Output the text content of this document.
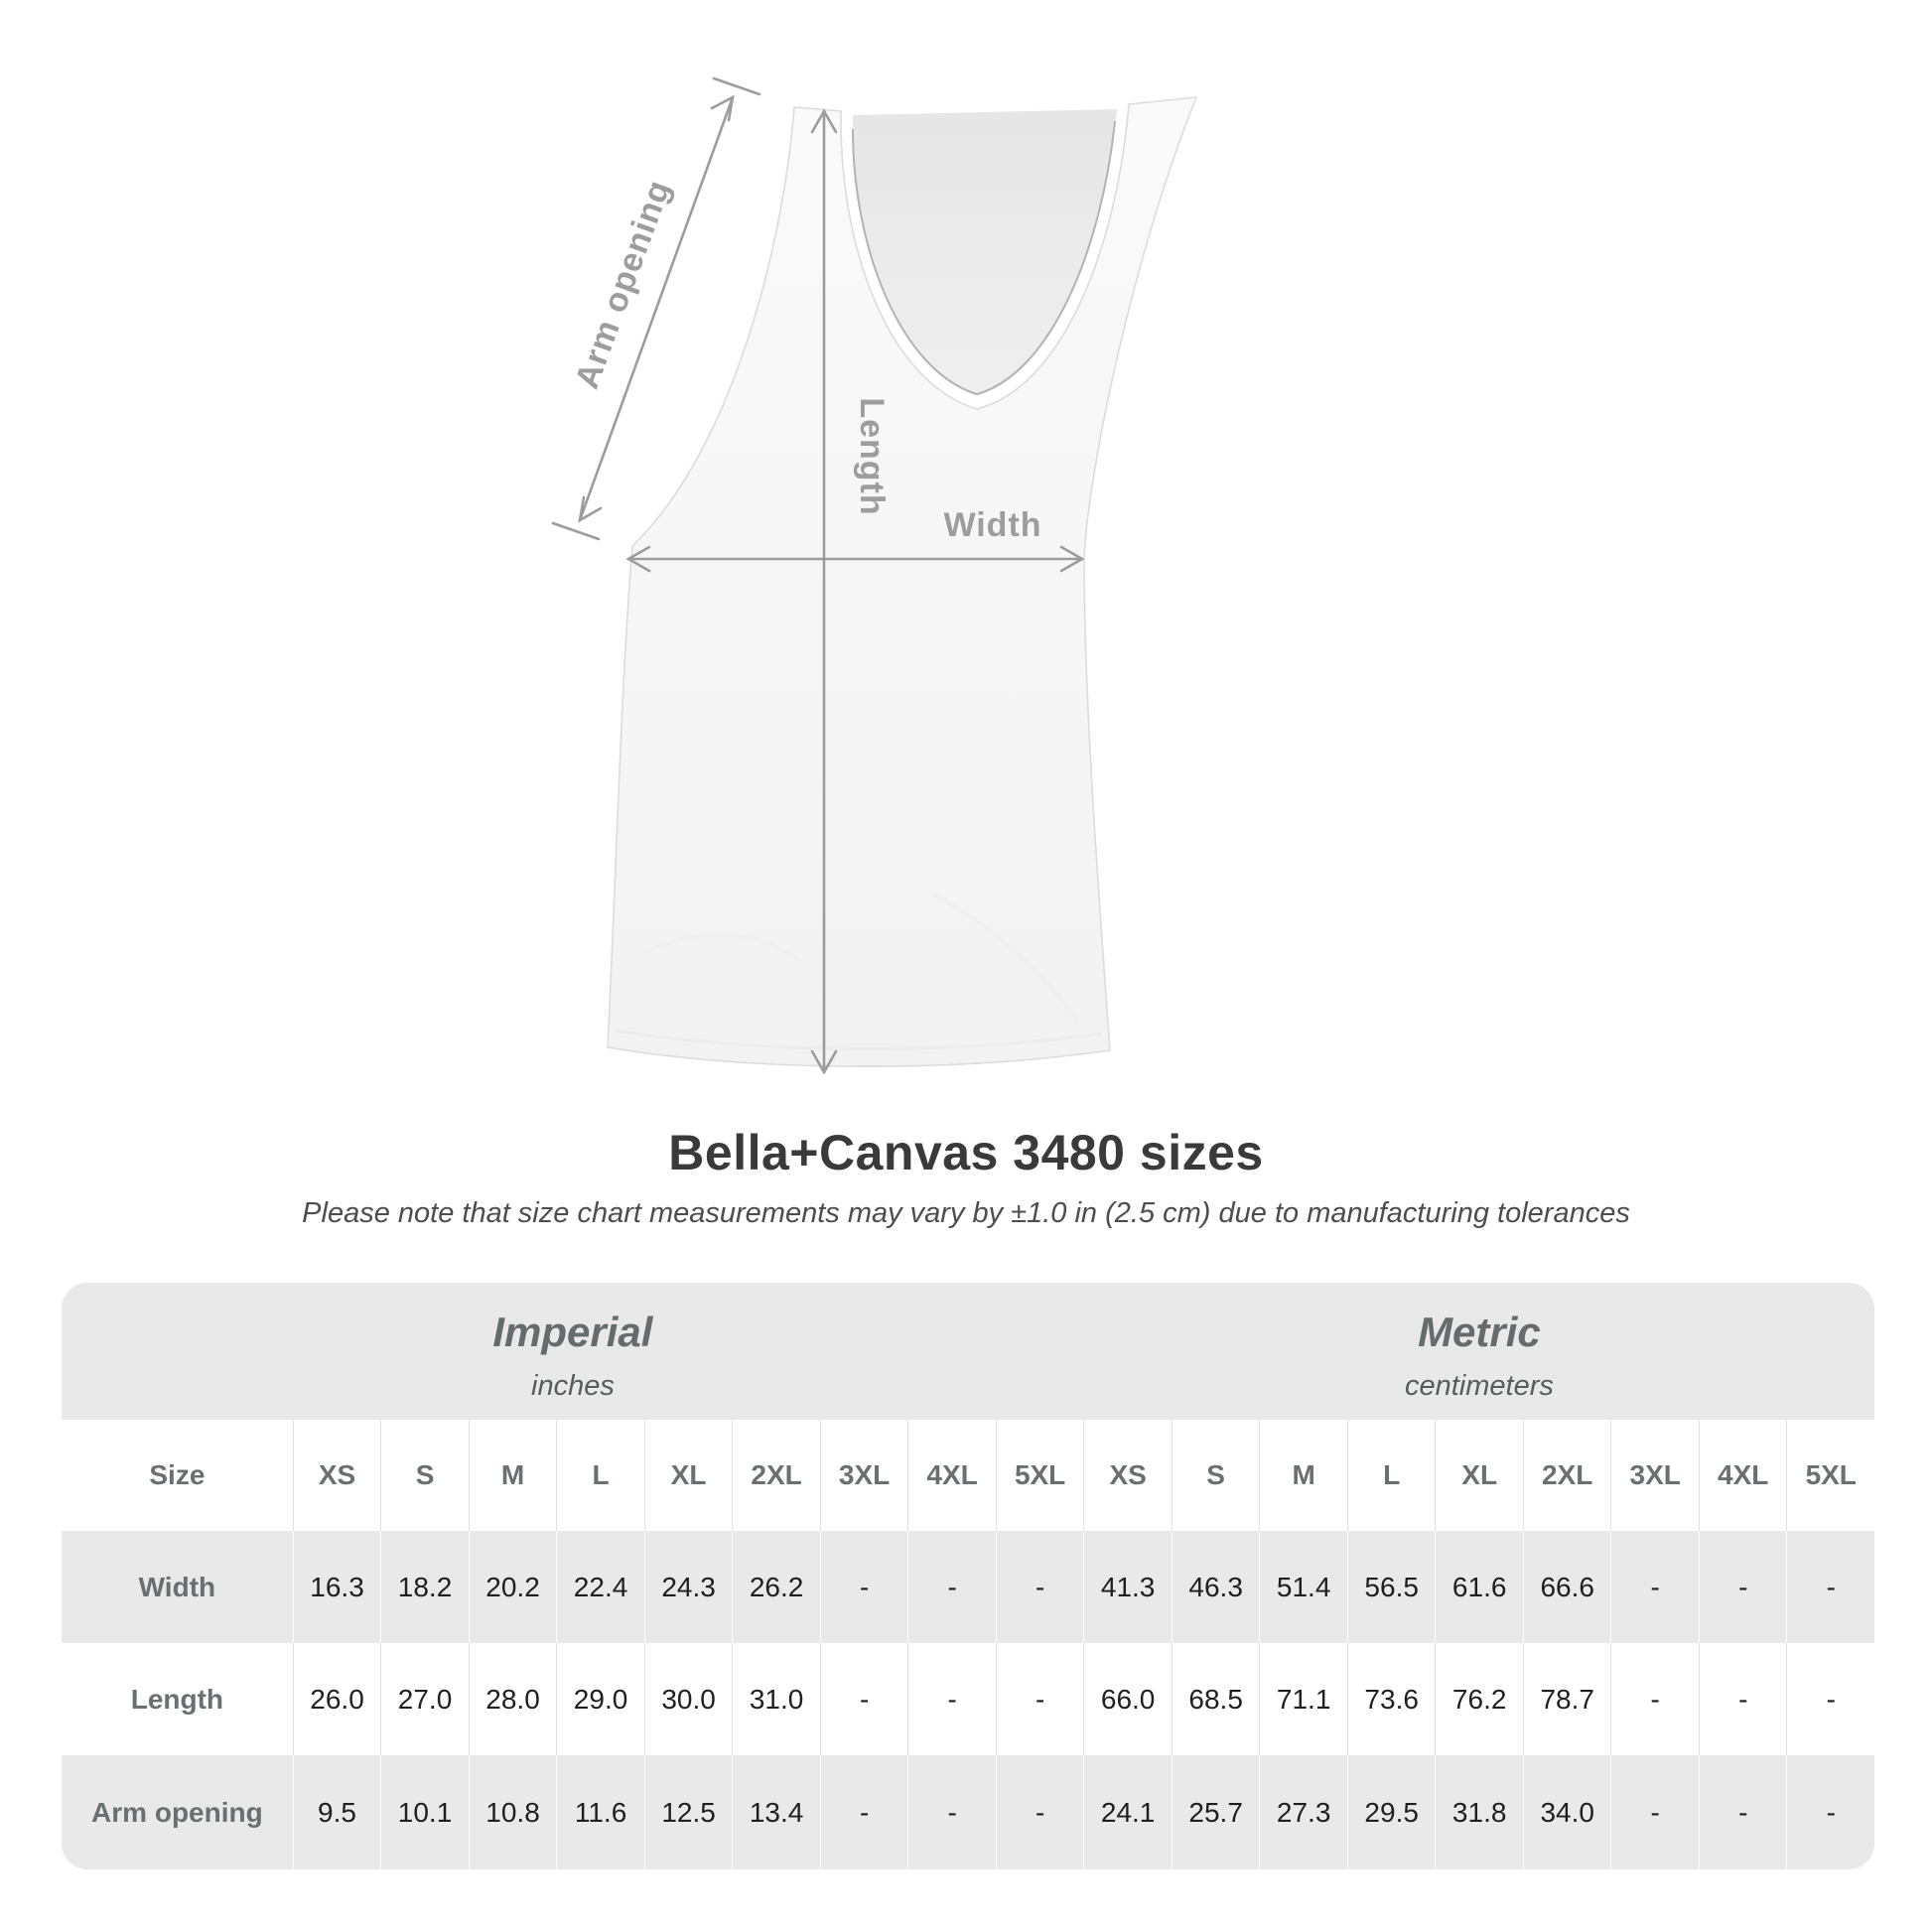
Arm opening
Length
Width
Bella+Canvas 3480 sizes
Please note that size chart measurements may vary by ±1.0 in (2.5 cm) due to manufacturing tolerances
Imperial
inches
Metric
centimeters
Size	XS	S	M	L	XL	2XL	3XL	4XL	5XL	XS	S	M	L	XL	2XL	3XL	4XL	5XL
Width	16.3	18.2	20.2	22.4	24.3	26.2	-	-	-	41.3	46.3	51.4	56.5	61.6	66.6	-	-	-
Length	26.0	27.0	28.0	29.0	30.0	31.0	-	-	-	66.0	68.5	71.1	73.6	76.2	78.7	-	-	-
Arm opening	9.5	10.1	10.8	11.6	12.5	13.4	-	-	-	24.1	25.7	27.3	29.5	31.8	34.0	-	-	-
